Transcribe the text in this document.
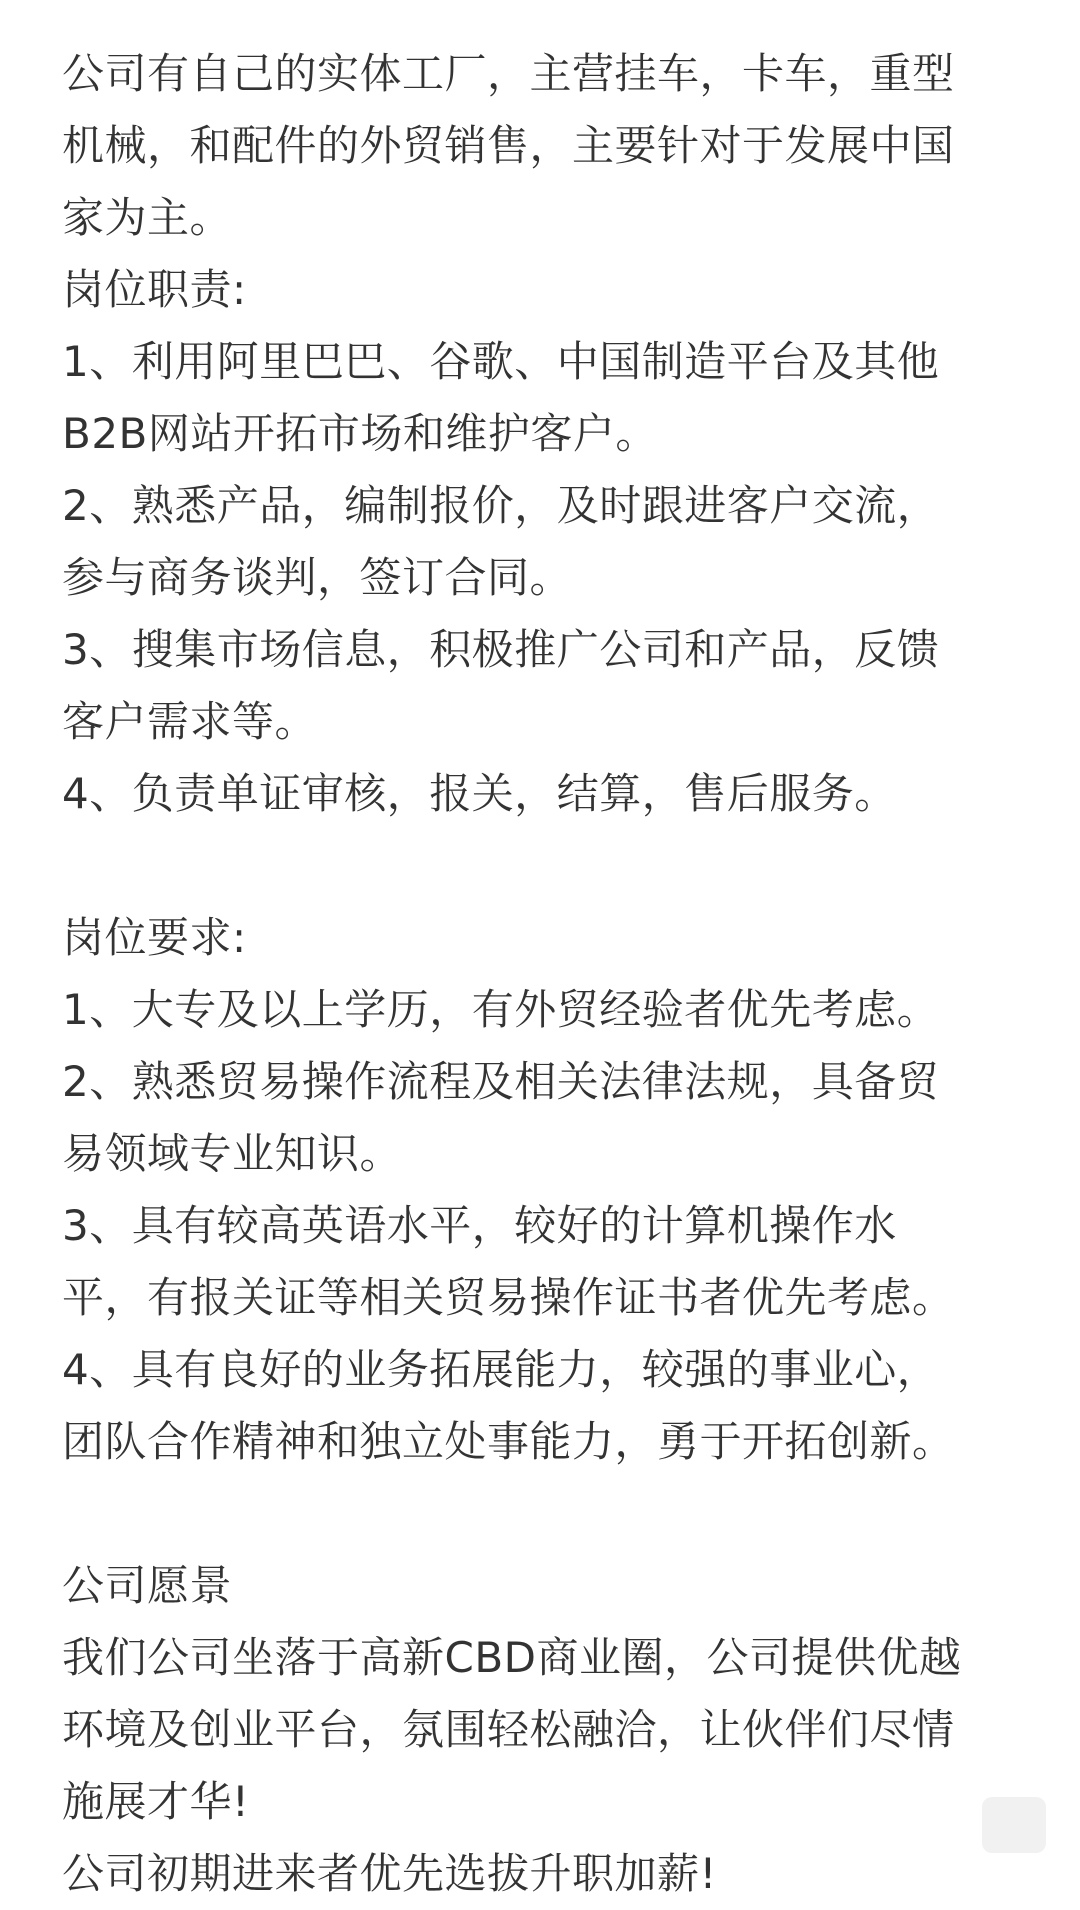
公司有自己的实体工厂，主营挂车，卡车，重型
机械，和配件的外贸销售，主要针对于发展中国
家为主。
岗位职责:
1、利用阿里巴巴、谷歌、中国制造平台及其他
B2B网站开拓市场和维护客户。
2、熟悉产品，编制报价，及时跟进客户交流，
参与商务谈判，签订合同。
3、搜集市场信息，积极推广公司和产品，反馈
客户需求等。
4、负责单证审核，报关，结算，售后服务。
岗位要求:
1、大专及以上学历，有外贸经验者优先考虑。
2、熟悉贸易操作流程及相关法律法规，具备贸
易领域专业知识。
3、具有较高英语水平，较好的计算机操作水
平，有报关证等相关贸易操作证书者优先考虑。
4、具有良好的业务拓展能力，较强的事业心，
团队合作精神和独立处事能力，勇于开拓创新。
公司愿景
我们公司坐落于高新CBD商业圈，公司提供优越
环境及创业平台，氛围轻松融洽，让伙伴们尽情
施展才华!
公司初期进来者优先选拔升职加薪!
